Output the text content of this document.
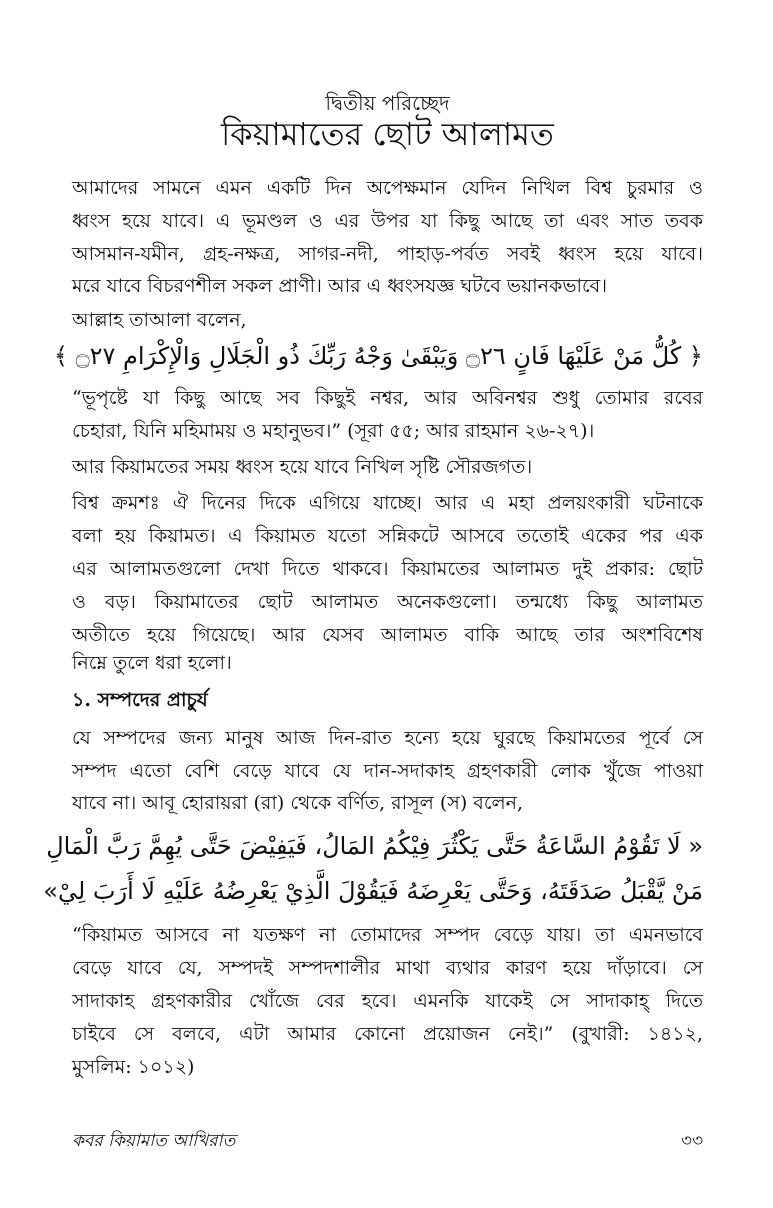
দ্বিতীয় পরিচ্ছেদ
কিয়ামাতের ছোট আলামত
আমাদের সামনে এমন একটি দিন অপেক্ষমান যেদিন নিখিল বিশ্ব চুরমার ও
ধ্বংস হয়ে যাবে। এ ভূমণ্ডল ও এর উপর যা কিছু আছে তা এবং সাত তবক
আসমান-যমীন, গ্রহ-নক্ষত্র, সাগর-নদী, পাহাড়-পর্বত সবই ধ্বংস হয়ে যাবে।
মরে যাবে বিচরণশীল সকল প্রাণী। আর এ ধ্বংসযজ্ঞ ঘটবে ভয়ানকভাবে।
আল্লাহ তাআলা বলেন,
﴿ كُلُّ مَنْ عَلَيْهَا فَانٍ ۝٢٦ وَيَبْقَىٰ وَجْهُ رَبِّكَ ذُو الْجَلَالِ وَالْإِكْرَامِ ۝٢٧ ﴾
“ভূপৃষ্টে যা কিছু আছে সব কিছুই নশ্বর, আর অবিনশ্বর শুধু তোমার রবের
চেহারা, যিনি মহিমাময় ও মহানুভব।” (সূরা ৫৫; আর রাহমান ২৬-২৭)।
আর কিয়ামতের সময় ধ্বংস হয়ে যাবে নিখিল সৃষ্টি সৌরজগত।
বিশ্ব ক্রমশঃ ঐ দিনের দিকে এগিয়ে যাচ্ছে। আর এ মহা প্রলয়ংকারী ঘটনাকে
বলা হয় কিয়ামত। এ কিয়ামত যতো সন্নিকটে আসবে ততোই একের পর এক
এর আলামতগুলো দেখা দিতে থাকবে। কিয়ামতের আলামত দুই প্রকার: ছোট
ও বড়। কিয়ামাতের ছোট আলামত অনেকগুলো। তন্মধ্যে কিছু আলামত
অতীতে হয়ে গিয়েছে। আর যেসব আলামত বাকি আছে তার অংশবিশেষ
নিম্নে তুলে ধরা হলো।
১. সম্পদের প্রাচুর্য
যে সম্পদের জন্য মানুষ আজ দিন-রাত হন্যে হয়ে ঘুরছে কিয়ামতের পূর্বে সে
সম্পদ এতো বেশি বেড়ে যাবে যে দান-সদাকাহ গ্রহণকারী লোক খুঁজে পাওয়া
যাবে না। আবূ হোরায়রা (রা) থেকে বর্ণিত, রাসূল (স) বলেন,
« لَا تَقُوْمُ السَّاعَةُ حَتَّى يَكْثُرَ فِيْكُمُ المَالُ، فَيَفِيْضَ حَتَّى يُهِمَّ رَبَّ الْمَالِ
مَنْ يَّقْبَلُ صَدَقَتَهُ، وَحَتَّى يَعْرِضَهُ فَيَقُوْلَ الَّذِيْ يَعْرِضُهُ عَلَيْهِ لَا أَرَبَ لِيْ»
“কিয়ামত আসবে না যতক্ষণ না তোমাদের সম্পদ বেড়ে যায়। তা এমনভাবে
বেড়ে যাবে যে, সম্পদই সম্পদশালীর মাথা ব্যথার কারণ হয়ে দাঁড়াবে। সে
সাদাকাহ গ্রহণকারীর খোঁজে বের হবে। এমনকি যাকেই সে সাদাকাহ্ দিতে
চাইবে সে বলবে, এটা আমার কোনো প্রয়োজন নেই।” (বুখারী: ১৪১২,
মুসলিম: ১০১২)
কবর কিয়ামাত আখিরাত	৩৩
